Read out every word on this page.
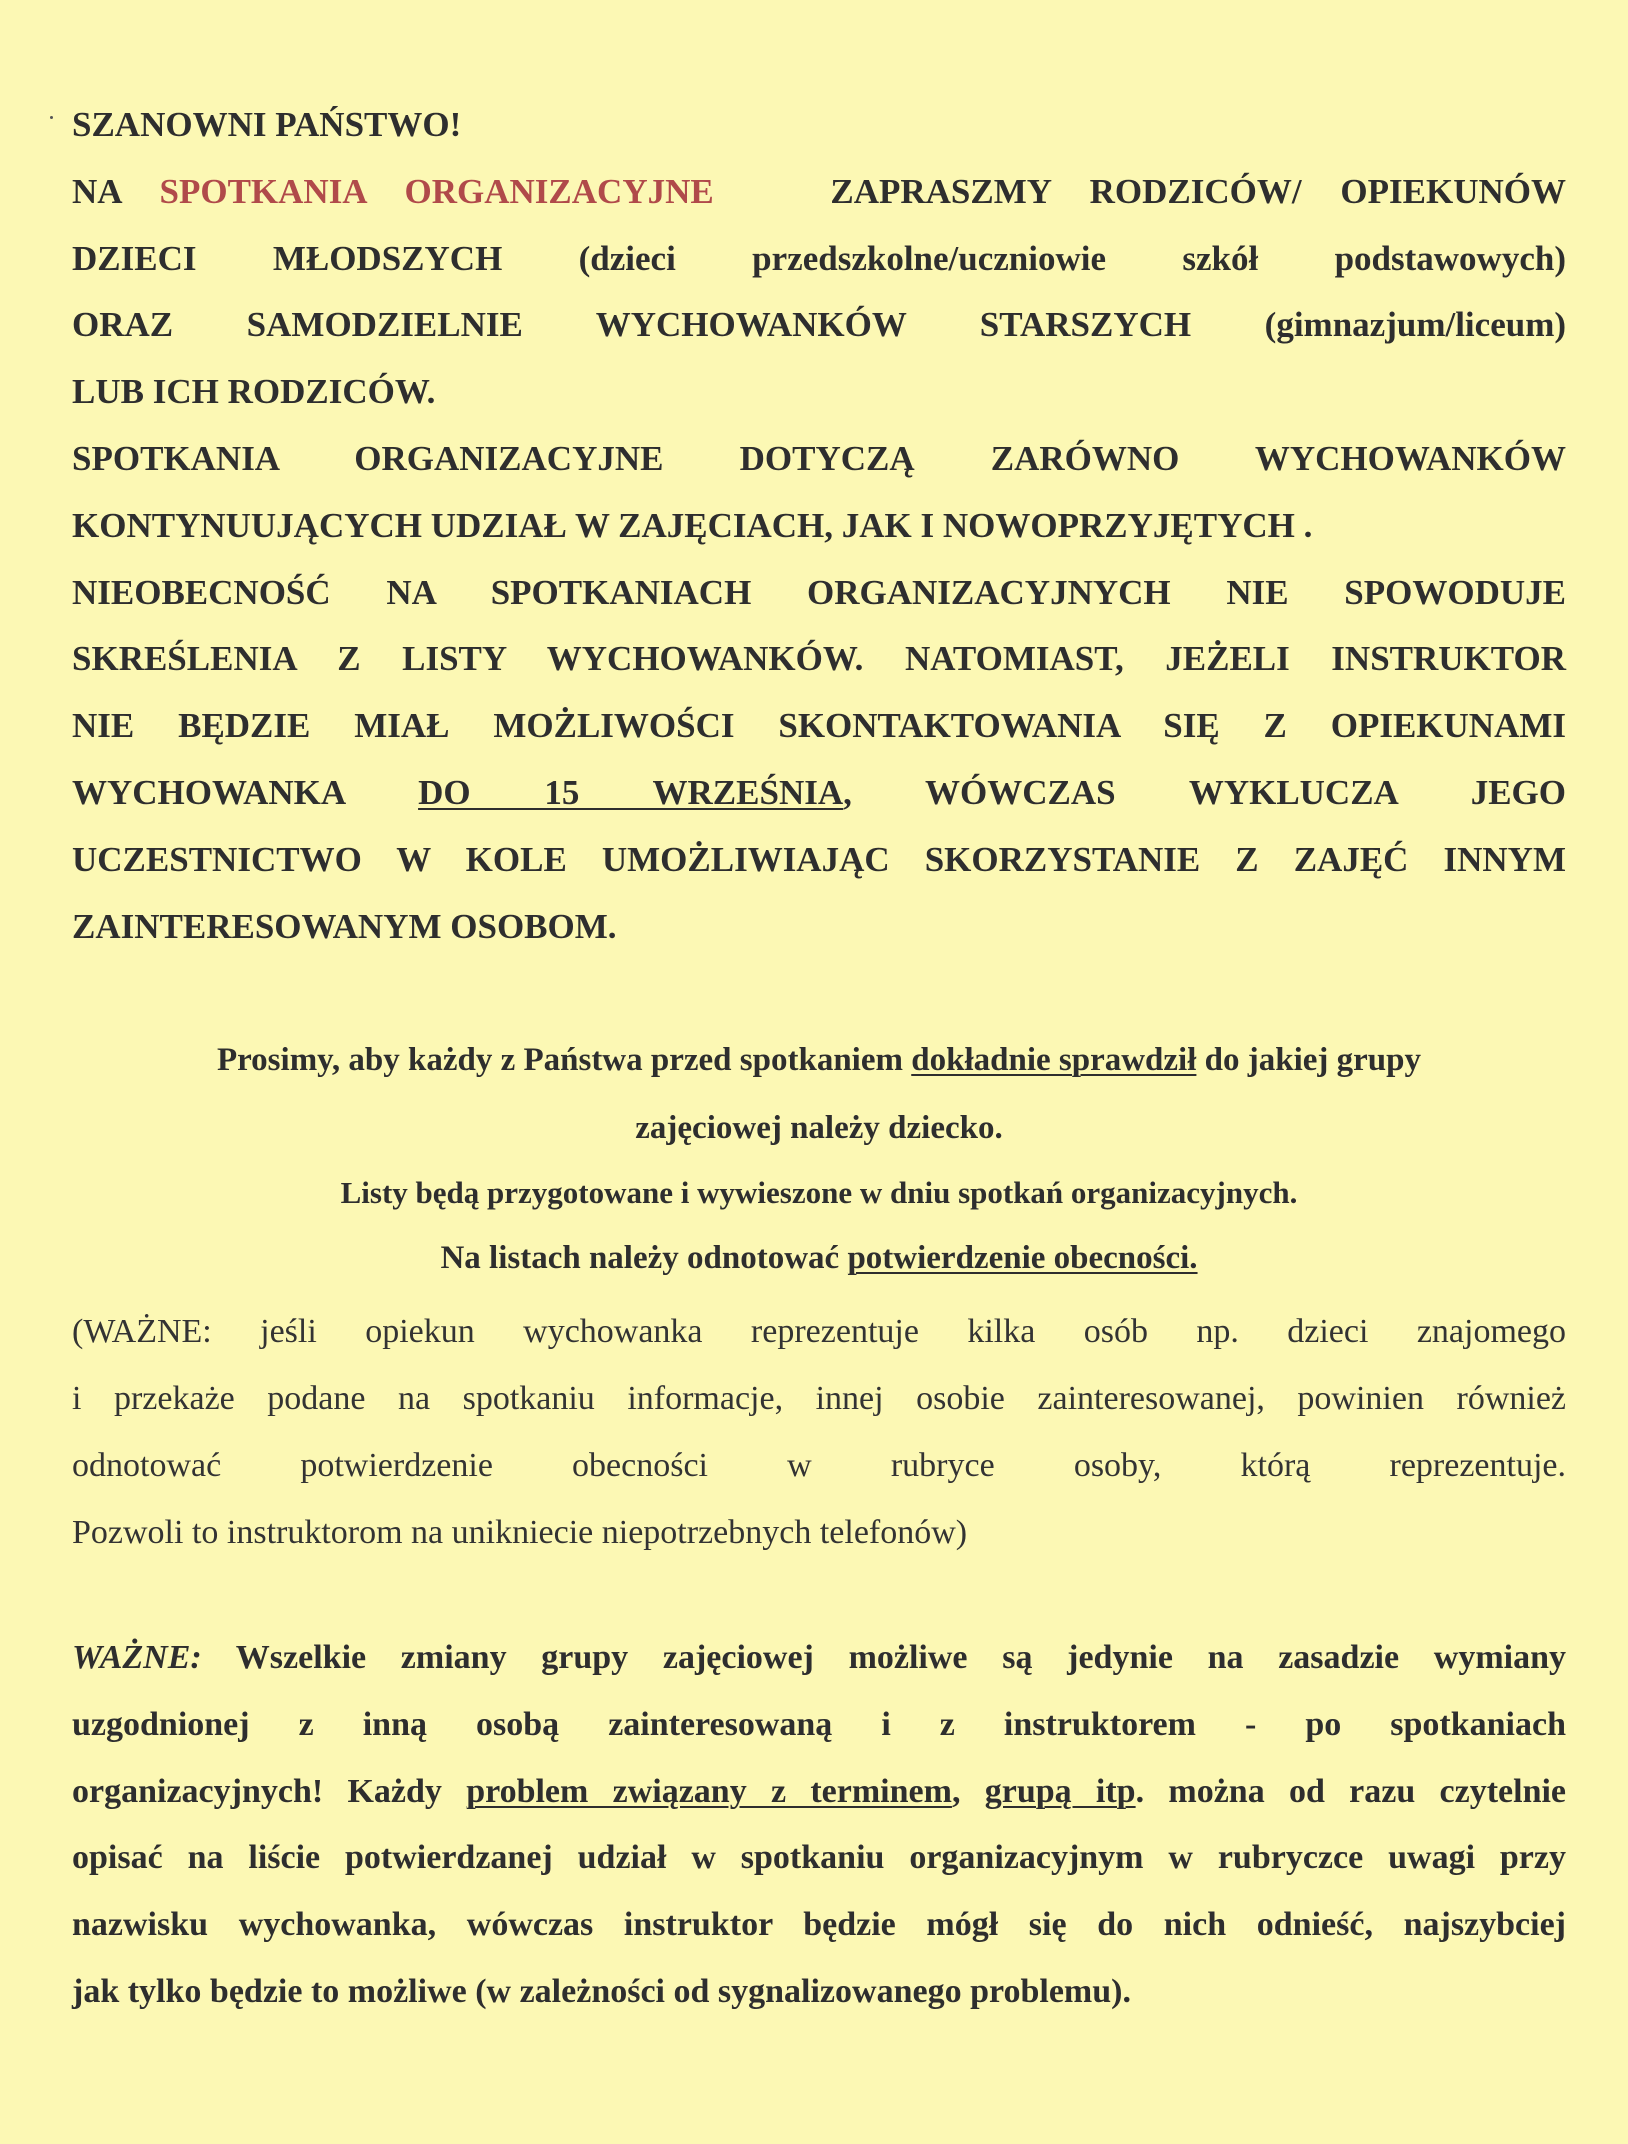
SZANOWNI PAŃSTWO!

NA SPOTKANIA ORGANIZACYJNE	ZAPRASZMY RODZICÓW/ OPIEKUNÓW

DZIECI MŁODSZYCH (dzieci przedszkolne/uczniowie szkół podstawowych)

ORAZ SAMODZIELNIE WYCHOWANKÓW STARSZYCH (gimnazjum/liceum)

LUB ICH RODZICÓW.

SPOTKANIA ORGANIZACYJNE DOTYCZĄ ZARÓWNO WYCHOWANKÓW

KONTYNUUJĄCYCH UDZIAŁ W ZAJĘCIACH, JAK I NOWOPRZYJĘTYCH .

NIEOBECNOŚĆ NA SPOTKANIACH ORGANIZACYJNYCH NIE SPOWODUJE

SKREŚLENIA Z LISTY WYCHOWANKÓW. NATOMIAST, JEŻELI INSTRUKTOR

NIE BĘDZIE MIAŁ MOŻLIWOŚCI SKONTAKTOWANIA SIĘ Z OPIEKUNAMI

WYCHOWANKA DO 15 WRZEŚNIA, WÓWCZAS WYKLUCZA JEGO

UCZESTNICTWO W KOLE UMOŻLIWIAJĄC SKORZYSTANIE Z ZAJĘĆ INNYM

ZAINTERESOWANYM OSOBOM.

Prosimy, aby każdy z Państwa przed spotkaniem dokładnie sprawdził do jakiej grupy
zajęciowej należy dziecko.
Listy będą przygotowane i wywieszone w dniu spotkań organizacyjnych.
Na listach należy odnotować potwierdzenie obecności.

(WAŻNE: jeśli opiekun wychowanka reprezentuje kilka osób np. dzieci znajomego

i przekaże podane na spotkaniu informacje, innej osobie zainteresowanej, powinien również

odnotować potwierdzenie obecności w rubryce osoby, którą reprezentuje.

Pozwoli to instruktorom na unikniecie niepotrzebnych telefonów)

WAŻNE: Wszelkie zmiany grupy zajęciowej możliwe są jedynie na zasadzie wymiany

uzgodnionej z inną osobą zainteresowaną i z instruktorem - po spotkaniach

organizacyjnych! Każdy problem związany z terminem, grupą itp. można od razu czytelnie

opisać na liście potwierdzanej udział w spotkaniu organizacyjnym w rubryczce uwagi przy

nazwisku wychowanka, wówczas instruktor będzie mógł się do nich odnieść, najszybciej

jak tylko będzie to możliwe (w zależności od sygnalizowanego problemu).
